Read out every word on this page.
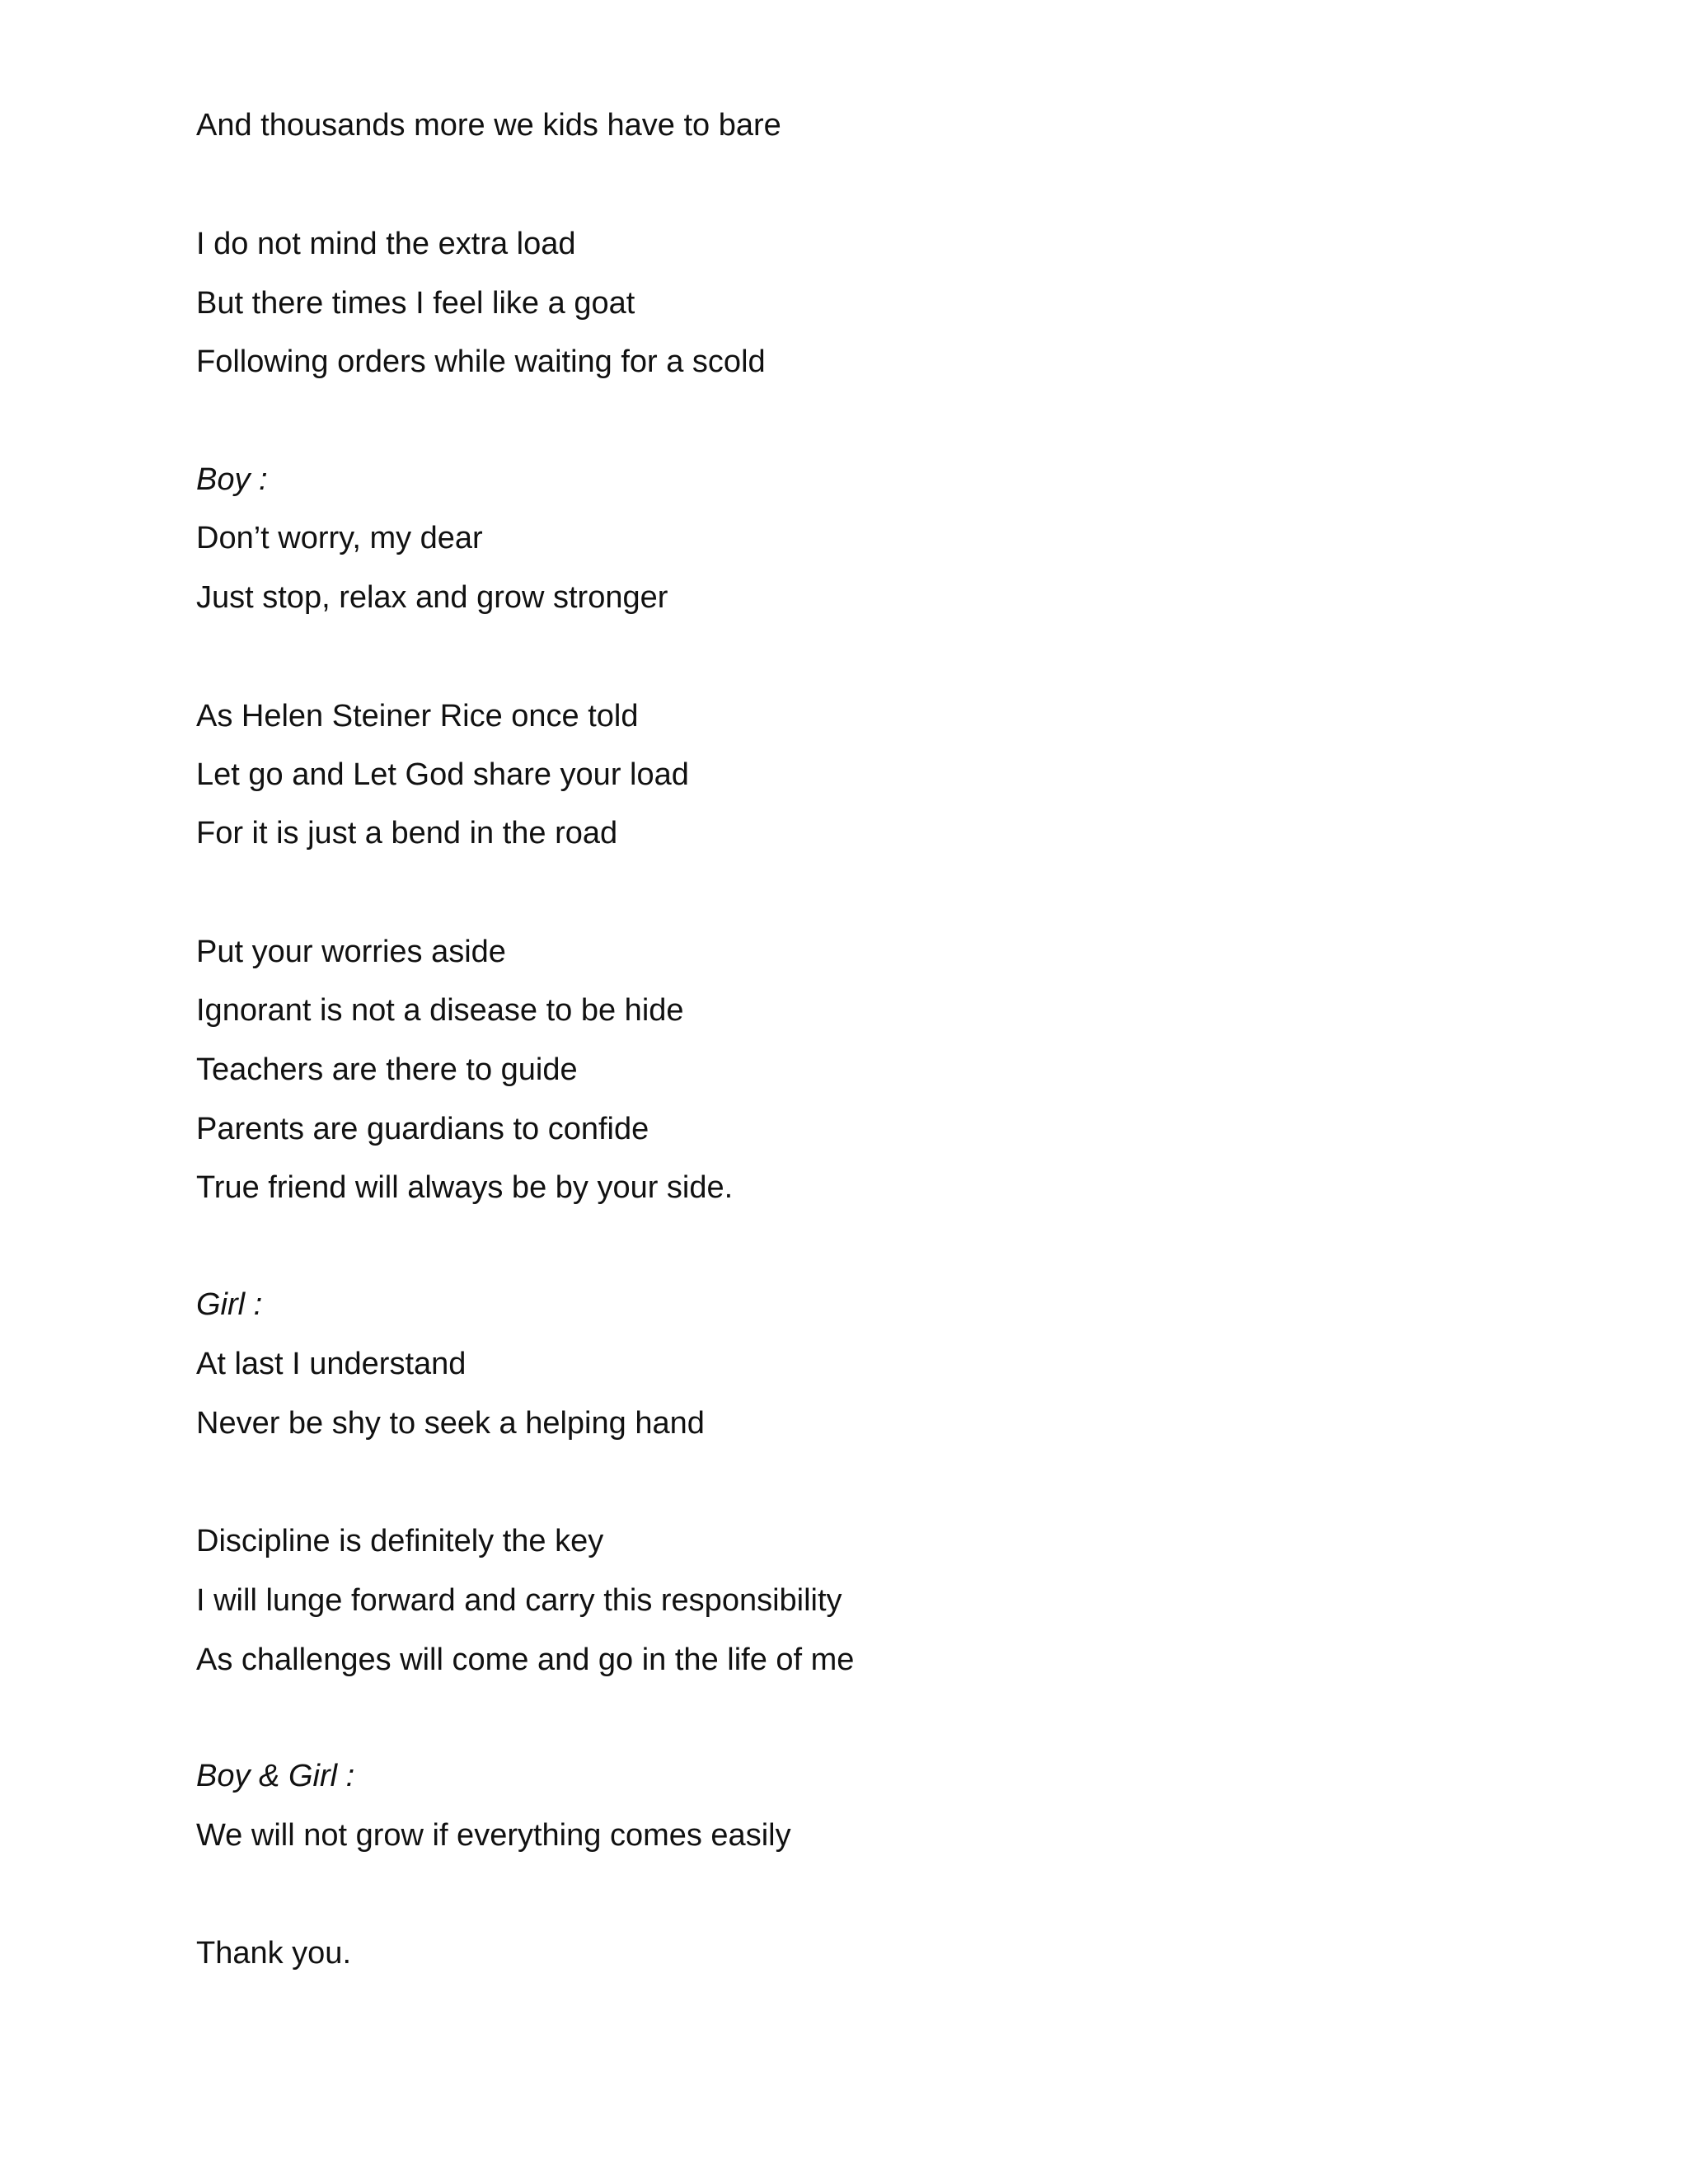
And thousands more we kids have to bare

I do not mind the extra load

But there times I feel like a goat

Following orders while waiting for a scold

Boy :

Don’t worry, my dear

Just stop, relax and grow stronger

As Helen Steiner Rice once told

Let go and Let God share your load

For it is just a bend in the road

Put your worries aside

Ignorant is not a disease to be hide

Teachers are there to guide

Parents are guardians to confide

True friend will always be by your side.

Girl :

At last I understand

Never be shy to seek a helping hand

Discipline is definitely the key

I will lunge forward and carry this responsibility

As challenges will come and go in the life of me

Boy & Girl :

We will not grow if everything comes easily

Thank you.
